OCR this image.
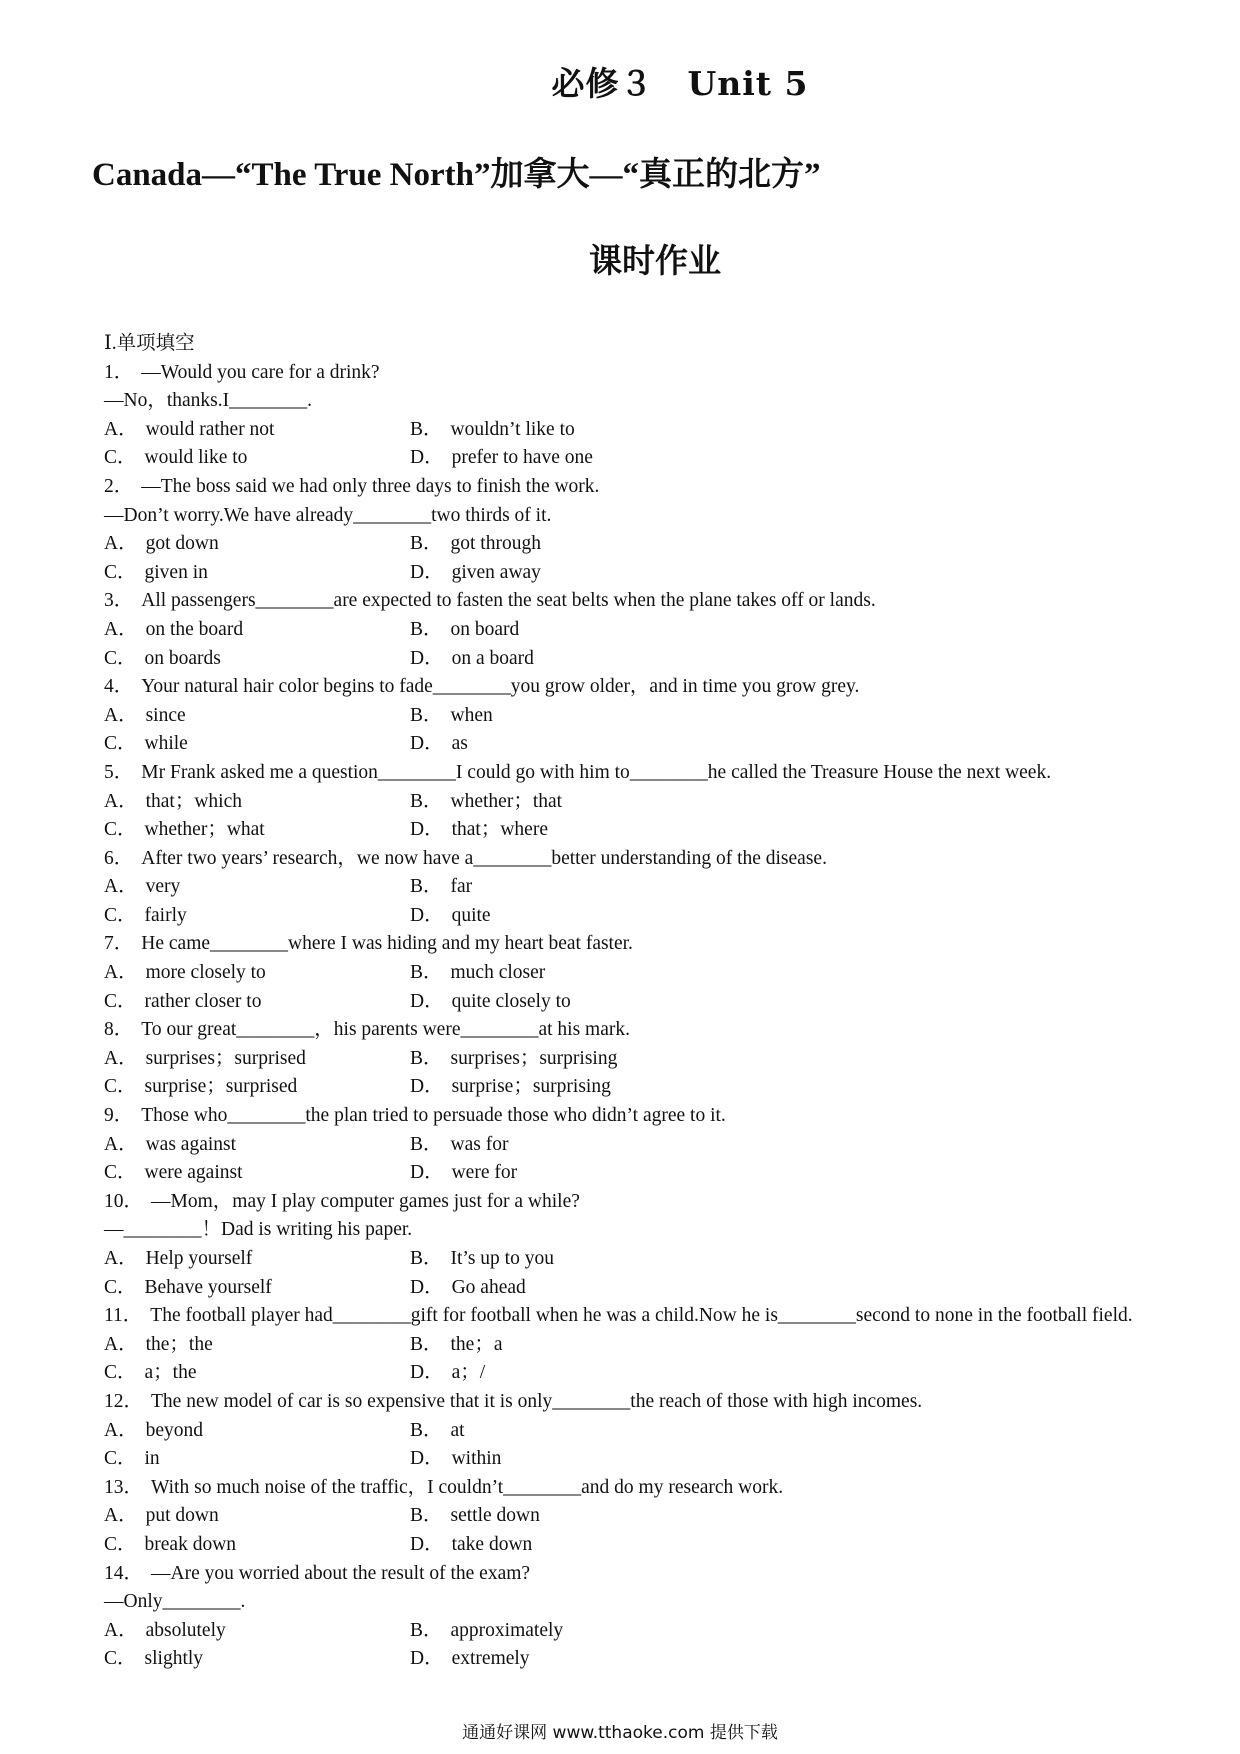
必修３　Unit 5
Canada—“The True North”加拿大—“真正的北方”
课时作业
Ⅰ.单项填空
1． —Would you care for a drink?
—No，thanks.I________.
A． would rather not	B． wouldn’t like to
C． would like to	D． prefer to have one
2． —The boss said we had only three days to finish the work.
—Don’t worry.We have already________two thirds of it.
A． got down	B． got through
C． given in	D． given away
3． All passengers________are expected to fasten the seat belts when the plane takes off or lands.
A． on the board	B． on board
C． on boards	D． on a board
4． Your natural hair color begins to fade________you grow older，and in time you grow grey.
A． since	B． when
C． while	D． as
5． Mr Frank asked me a question________I could go with him to________he called the Treasure House the next week.
A． that；which	B． whether；that
C． whether；what	D． that；where
6． After two years’ research，we now have a________better understanding of the disease.
A． very	B． far
C． fairly	D． quite
7． He came________where I was hiding and my heart beat faster.
A． more closely to	B． much closer
C． rather closer to	D． quite closely to
8． To our great________，his parents were________at his mark.
A． surprises；surprised	B． surprises；surprising
C． surprise；surprised	D． surprise；surprising
9． Those who________the plan tried to persuade those who didn’t agree to it.
A． was against	B． was for
C． were against	D． were for
10． —Mom，may I play computer games just for a while?
—________！Dad is writing his paper.
A． Help yourself	B． It’s up to you
C． Behave yourself	D． Go ahead
11． The football player had________gift for football when he was a child.Now he is________second to none in the football field.
A． the；the	B． the；a
C． a；the	D． a；/
12． The new model of car is so expensive that it is only________the reach of those with high incomes.
A． beyond	B． at
C． in	D． within
13． With so much noise of the traffic，I couldn’t________and do my research work.
A． put down	B． settle down
C． break down	D． take down
14． —Are you worried about the result of the exam?
—Only________.
A． absolutely	B． approximately
C． slightly	D． extremely
通通好课网 www.tthaoke.com 提供下载
